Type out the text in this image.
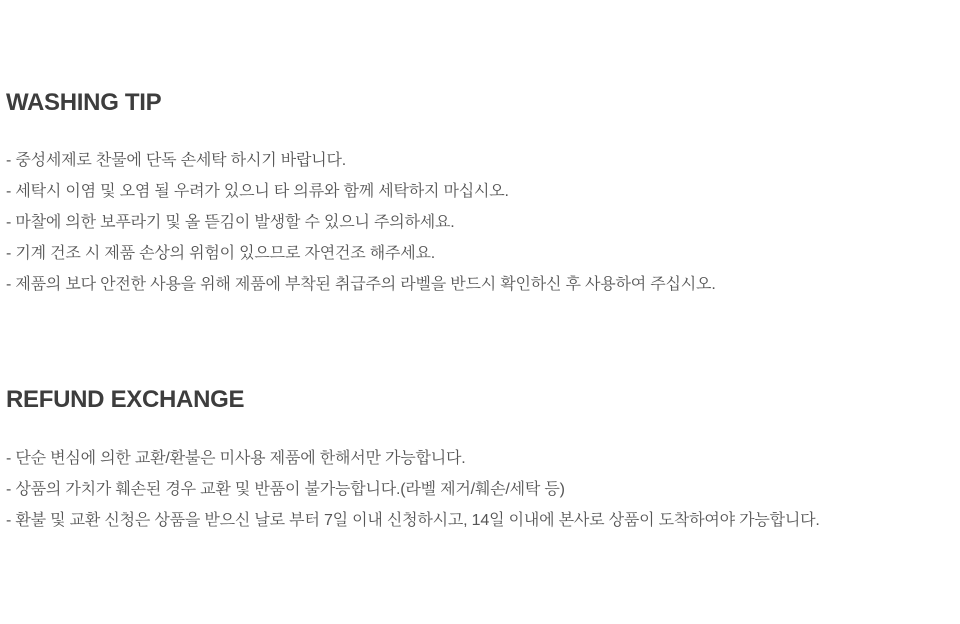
WASHING TIP
- 중성세제로 찬물에 단독 손세탁 하시기 바랍니다.
- 세탁시 이염 및 오염 될 우려가 있으니 타 의류와 함께 세탁하지 마십시오.
- 마찰에 의한 보푸라기 및 올 뜯김이 발생할 수 있으니 주의하세요.
- 기계 건조 시 제품 손상의 위험이 있으므로 자연건조 해주세요.
- 제품의 보다 안전한 사용을 위해 제품에 부착된 취급주의 라벨을 반드시 확인하신 후 사용하여 주십시오.
REFUND EXCHANGE
- 단순 변심에 의한 교환/환불은 미사용 제품에 한해서만 가능합니다.
- 상품의 가치가 훼손된 경우 교환 및 반품이 불가능합니다.(라벨 제거/훼손/세탁 등)
- 환불 및 교환 신청은 상품을 받으신 날로 부터 7일 이내 신청하시고, 14일 이내에 본사로 상품이 도착하여야 가능합니다.
